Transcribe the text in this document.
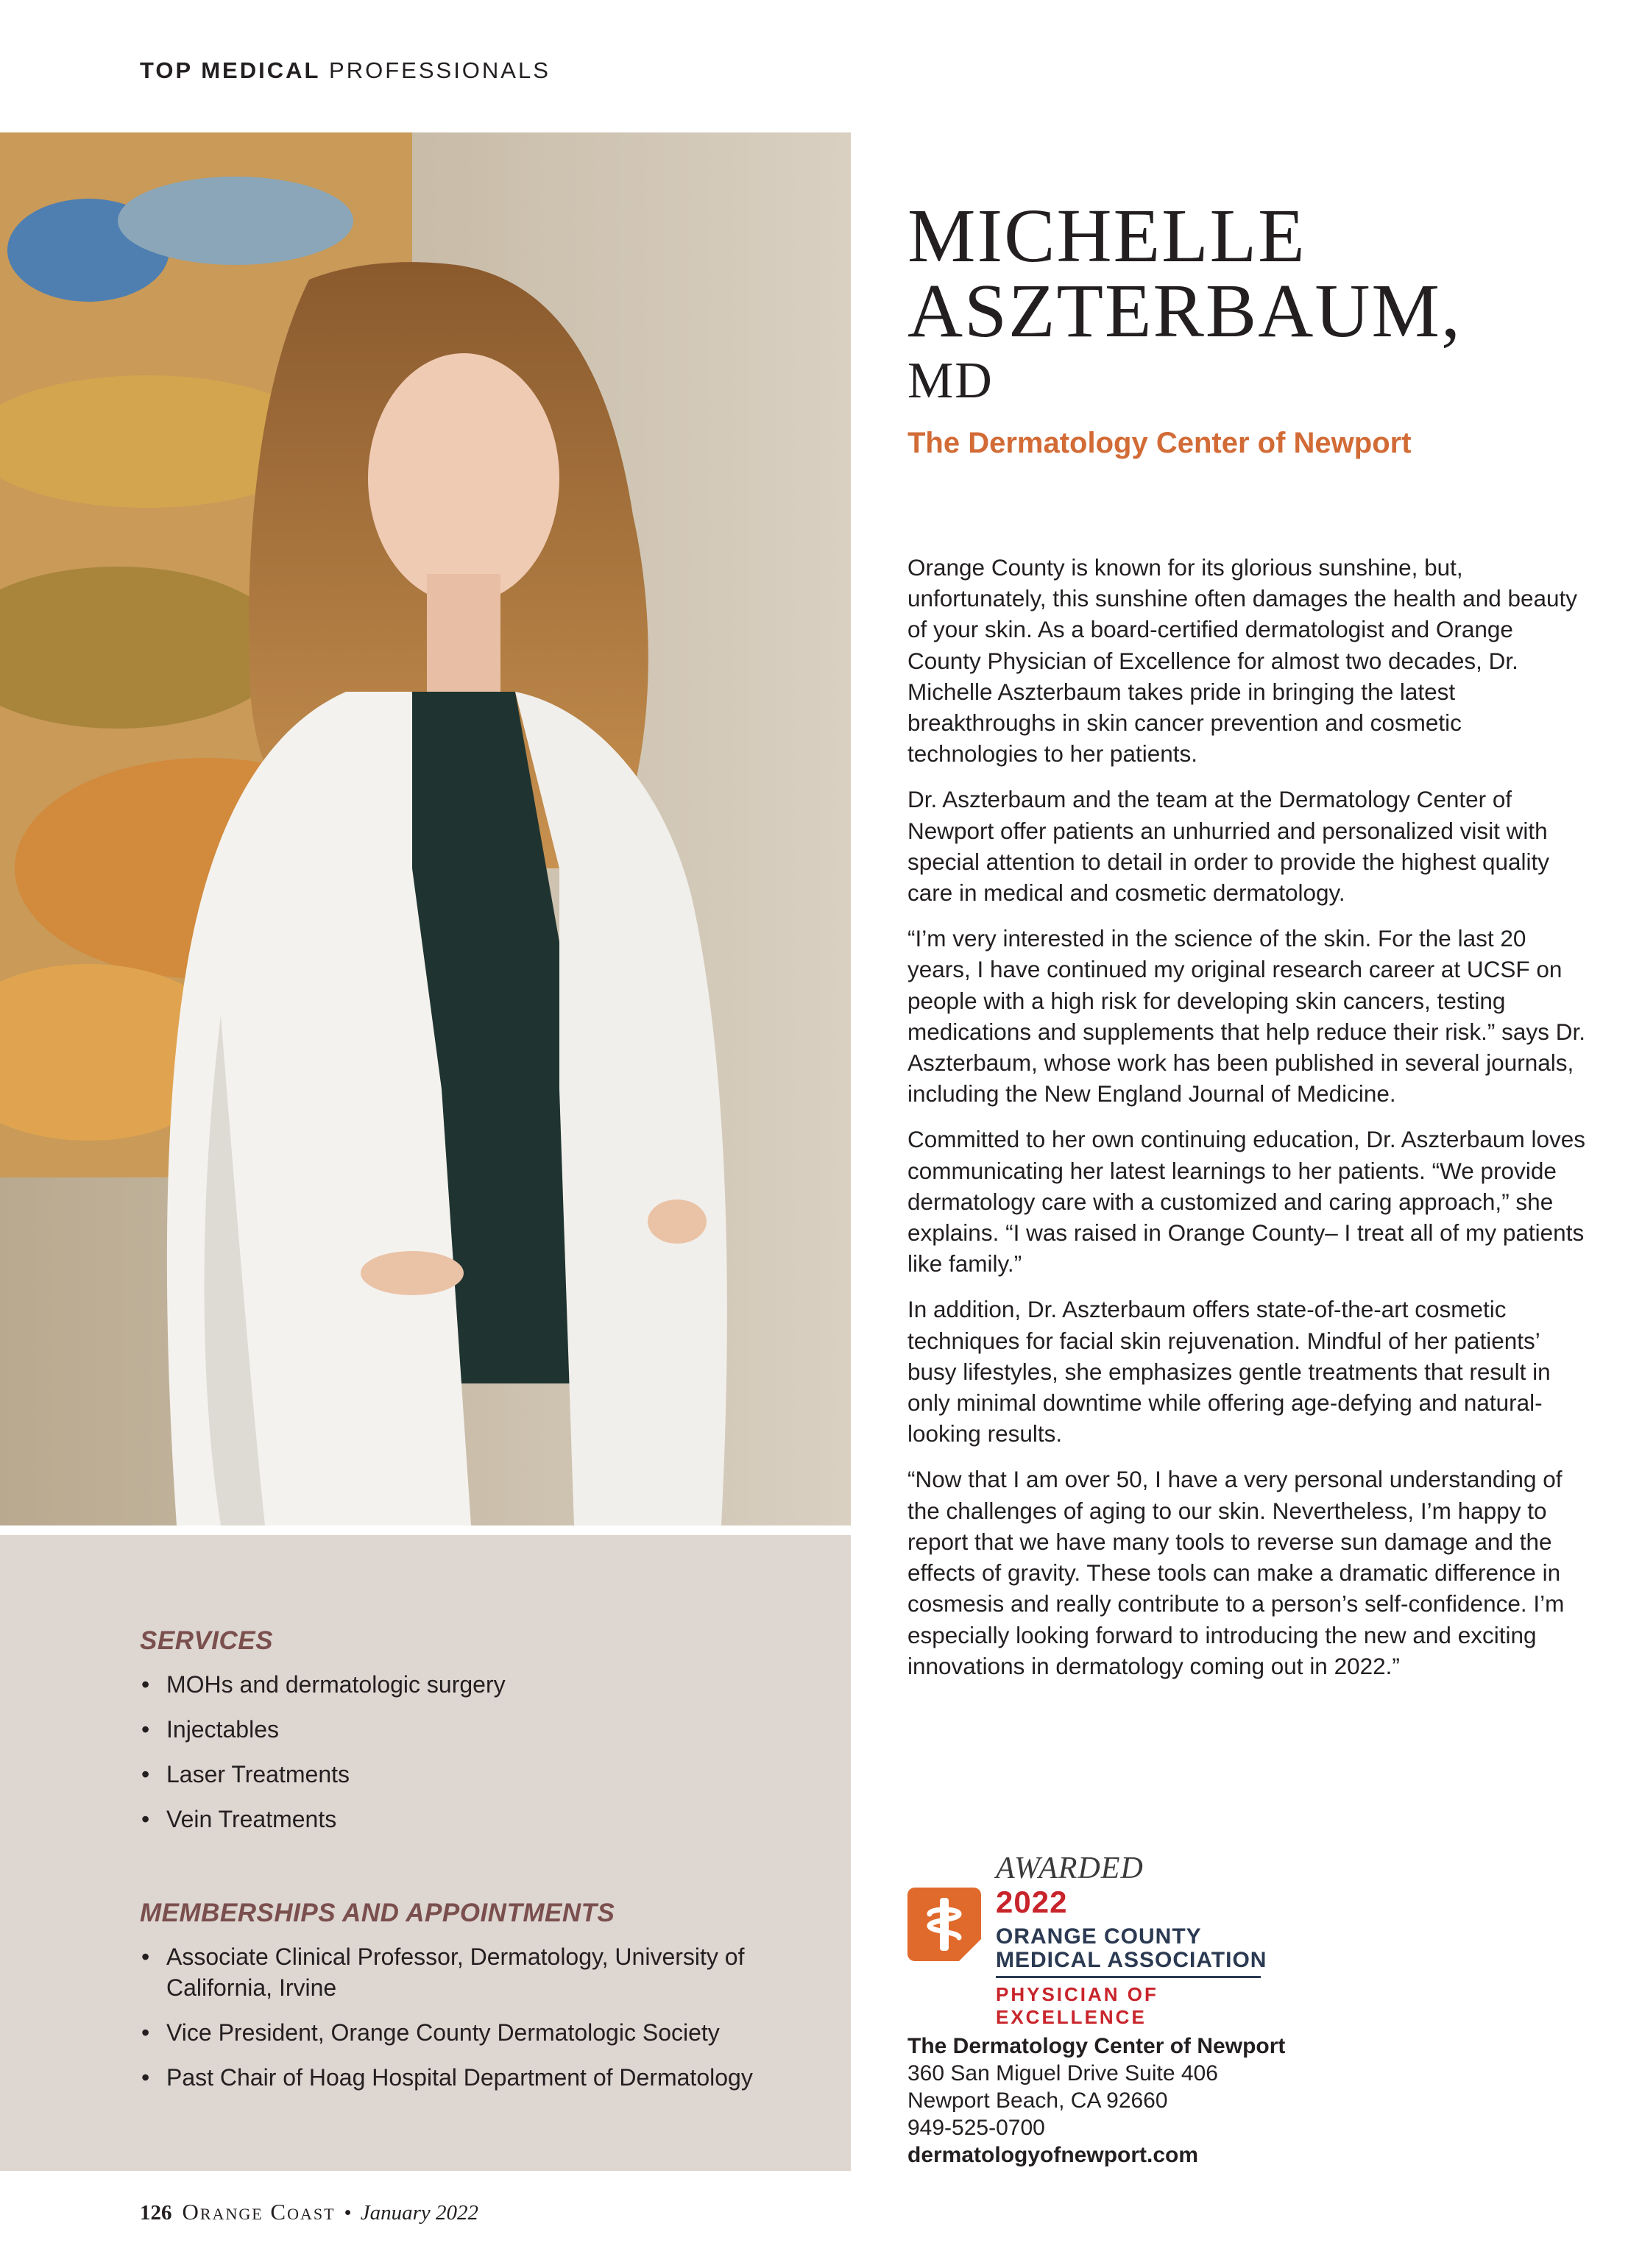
TOP MEDICAL PROFESSIONALS
SERVICES
• MOHs and dermatologic surgery
• Injectables
• Laser Treatments
• Vein Treatments
MEMBERSHIPS AND APPOINTMENTS
• Associate Clinical Professor, Dermatology, University of California, Irvine
• Vice President, Orange County Dermatologic Society
• Past Chair of Hoag Hospital Department of Dermatology
MICHELLE
ASZTERBAUM,
MD
The Dermatology Center of Newport

Orange County is known for its glorious sunshine, but, unfortunately, this sunshine often damages the health and beauty of your skin. As a board-certified dermatologist and Orange County Physician of Excellence for almost two decades, Dr. Michelle Aszterbaum takes pride in bringing the latest breakthroughs in skin cancer prevention and cosmetic technologies to her patients.

Dr. Aszterbaum and the team at the Dermatology Center of Newport offer patients an unhurried and personalized visit with special attention to detail in order to provide the highest quality care in medical and cosmetic dermatology.

“I’m very interested in the science of the skin. For the last 20 years, I have continued my original research career at UCSF on people with a high risk for developing skin cancers, testing medications and supplements that help reduce their risk.” says Dr. Aszterbaum, whose work has been published in several journals, including the New England Journal of Medicine.

Committed to her own continuing education, Dr. Aszterbaum loves communicating her latest learnings to her patients. “We provide dermatology care with a customized and caring approach,” she explains. “I was raised in Orange County– I treat all of my patients like family.”

In addition, Dr. Aszterbaum offers state-of-the-art cosmetic techniques for facial skin rejuvenation. Mindful of her patients’ busy lifestyles, she emphasizes gentle treatments that result in only minimal downtime while offering age-defying and natural-looking results.

“Now that I am over 50, I have a very personal understanding of the challenges of aging to our skin. Nevertheless, I’m happy to report that we have many tools to reverse sun damage and the effects of gravity. These tools can make a dramatic difference in cosmesis and really contribute to a person’s self-confidence. I’m especially looking forward to introducing the new and exciting innovations in dermatology coming out in 2022.”

AWARDED
2022
ORANGE COUNTY
MEDICAL ASSOCIATION
PHYSICIAN OF EXCELLENCE
The Dermatology Center of Newport
360 San Miguel Drive Suite 406
Newport Beach, CA 92660
949-525-0700
dermatologyofnewport.com
126 Orange Coast • January 2022
